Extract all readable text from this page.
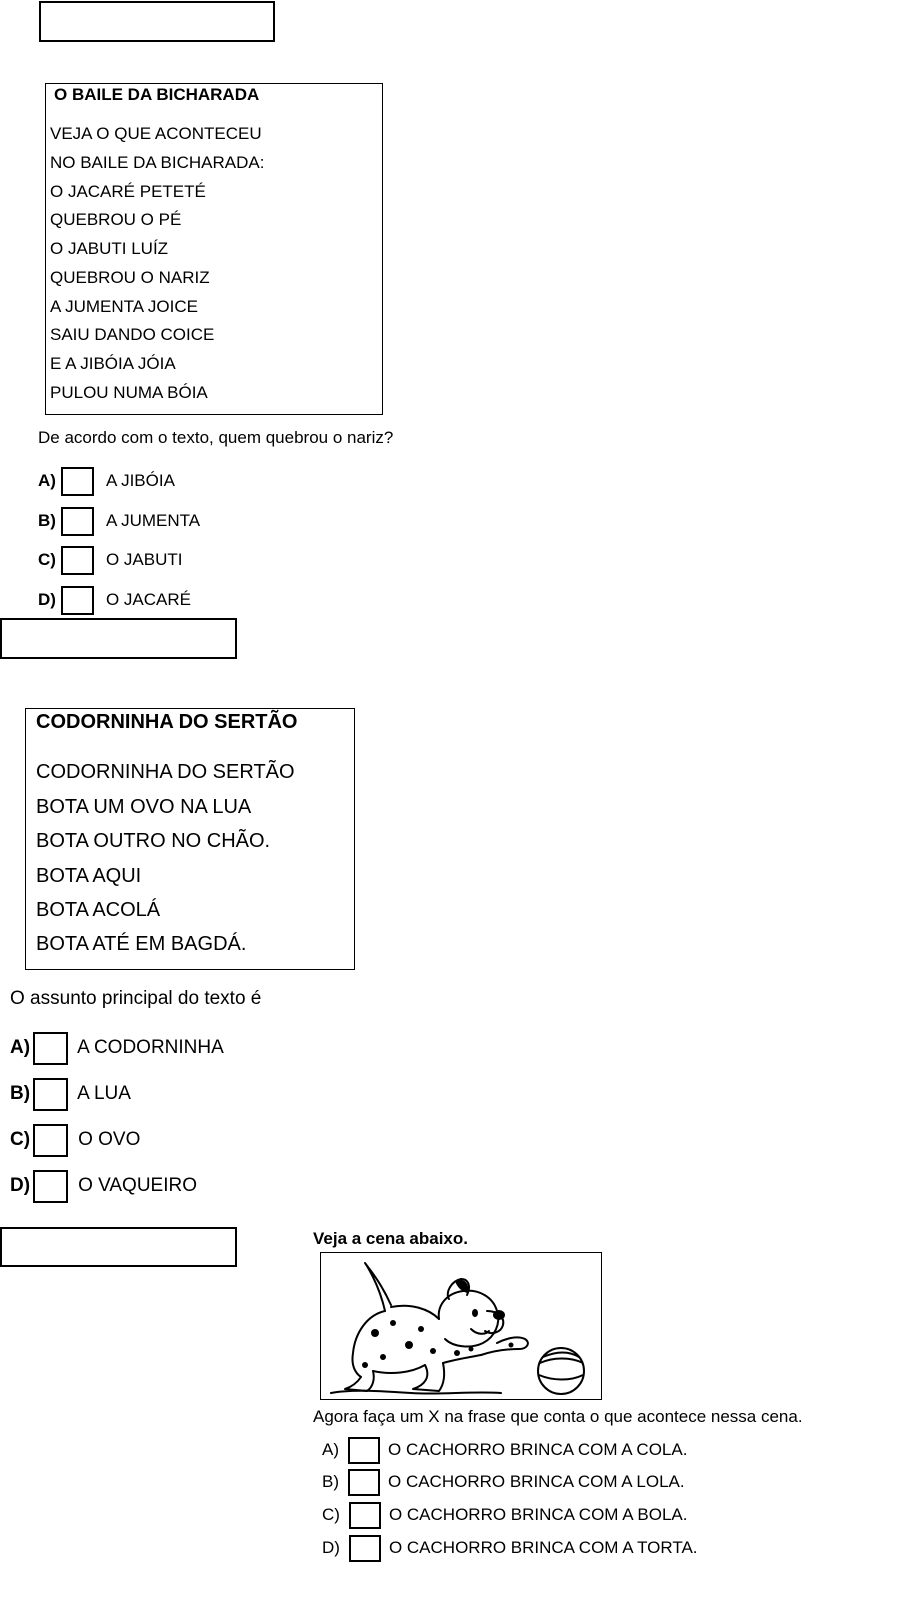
O BAILE DA BICHARADA
VEJA O QUE ACONTECEU
NO BAILE DA BICHARADA:
O JACARÉ PETETÉ
QUEBROU O PÉ
O JABUTI LUÍZ
QUEBROU O NARIZ
A JUMENTA JOICE
SAIU DANDO COICE
E A JIBÓIA JÓIA
PULOU NUMA BÓIA
De acordo com o texto, quem quebrou o nariz?
A)	A JIBÓIA
B)	A JUMENTA
C)	O JABUTI
D)	O JACARÉ
CODORNINHA DO SERTÃO
CODORNINHA DO SERTÃO
BOTA UM OVO NA LUA
BOTA OUTRO NO CHÃO.
BOTA AQUI
BOTA ACOLÁ
BOTA ATÉ EM BAGDÁ.
O assunto principal do texto é
A) A CODORNINHA
B) A LUA
C)	O OVO
D)	O VAQUEIRO
Veja a cena abaixo.
Agora faça um X na frase que conta o que acontece nessa cena.
A)	O CACHORRO BRINCA COM A COLA.
B)	O CACHORRO BRINCA COM A LOLA.
C)	O CACHORRO BRINCA COM A BOLA.
D)	O CACHORRO BRINCA COM A TORTA.
